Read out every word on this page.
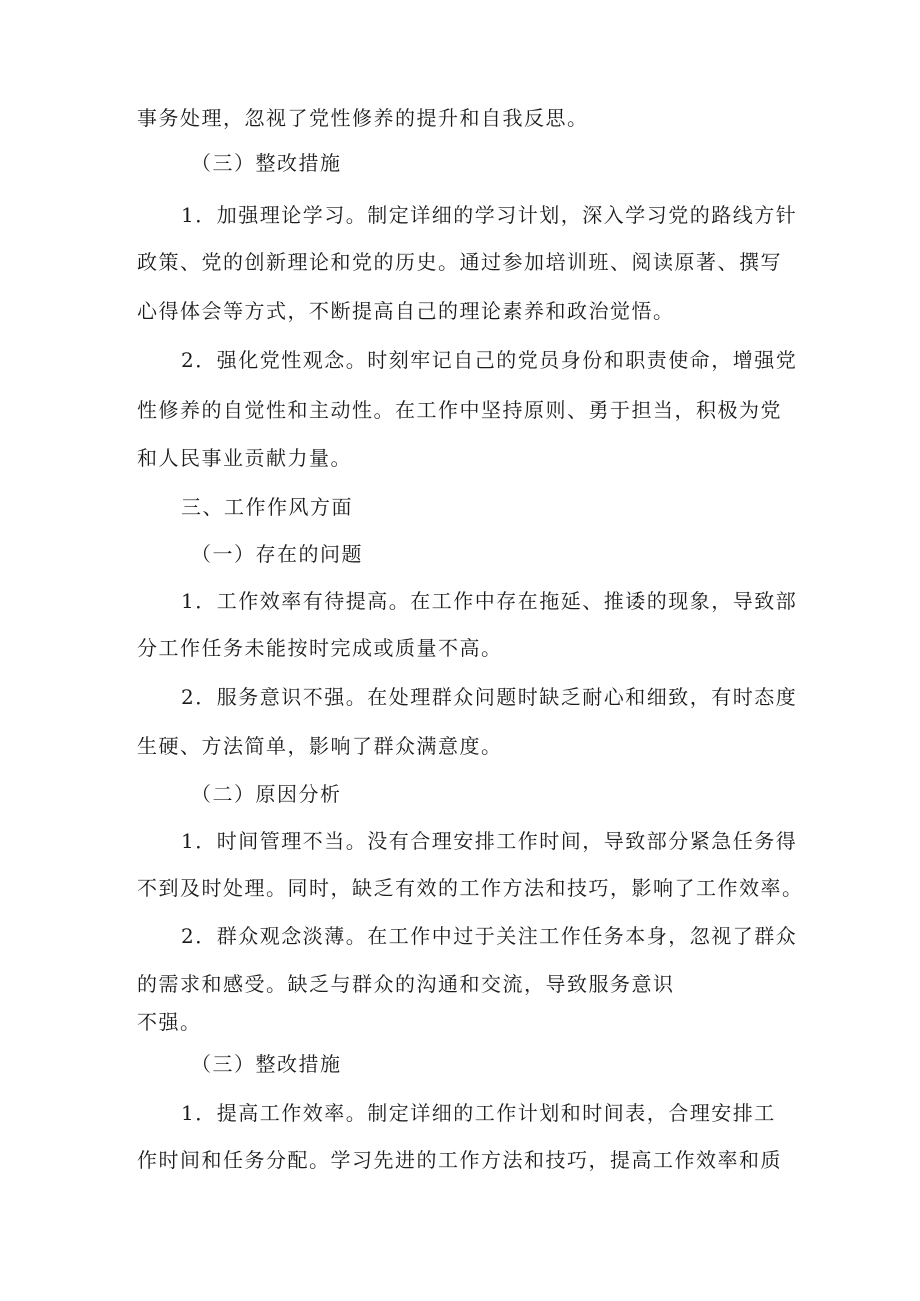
事务处理，忽视了党性修养的提升和自我反思。
（三）整改措施
1．加强理论学习。制定详细的学习计划，深入学习党的路线方针
政策、党的创新理论和党的历史。通过参加培训班、阅读原著、撰写
心得体会等方式，不断提高自己的理论素养和政治觉悟。
2．强化党性观念。时刻牢记自己的党员身份和职责使命，增强党
性修养的自觉性和主动性。在工作中坚持原则、勇于担当，积极为党
和人民事业贡献力量。
三、工作作风方面
（一）存在的问题
1．工作效率有待提高。在工作中存在拖延、推诿的现象，导致部
分工作任务未能按时完成或质量不高。
2．服务意识不强。在处理群众问题时缺乏耐心和细致，有时态度
生硬、方法简单，影响了群众满意度。
（二）原因分析
1．时间管理不当。没有合理安排工作时间，导致部分紧急任务得
不到及时处理。同时，缺乏有效的工作方法和技巧，影响了工作效率。
2．群众观念淡薄。在工作中过于关注工作任务本身，忽视了群众
的需求和感受。缺乏与群众的沟通和交流，导致服务意识
不强。
（三）整改措施
1．提高工作效率。制定详细的工作计划和时间表，合理安排工
作时间和任务分配。学习先进的工作方法和技巧，提高工作效率和质
